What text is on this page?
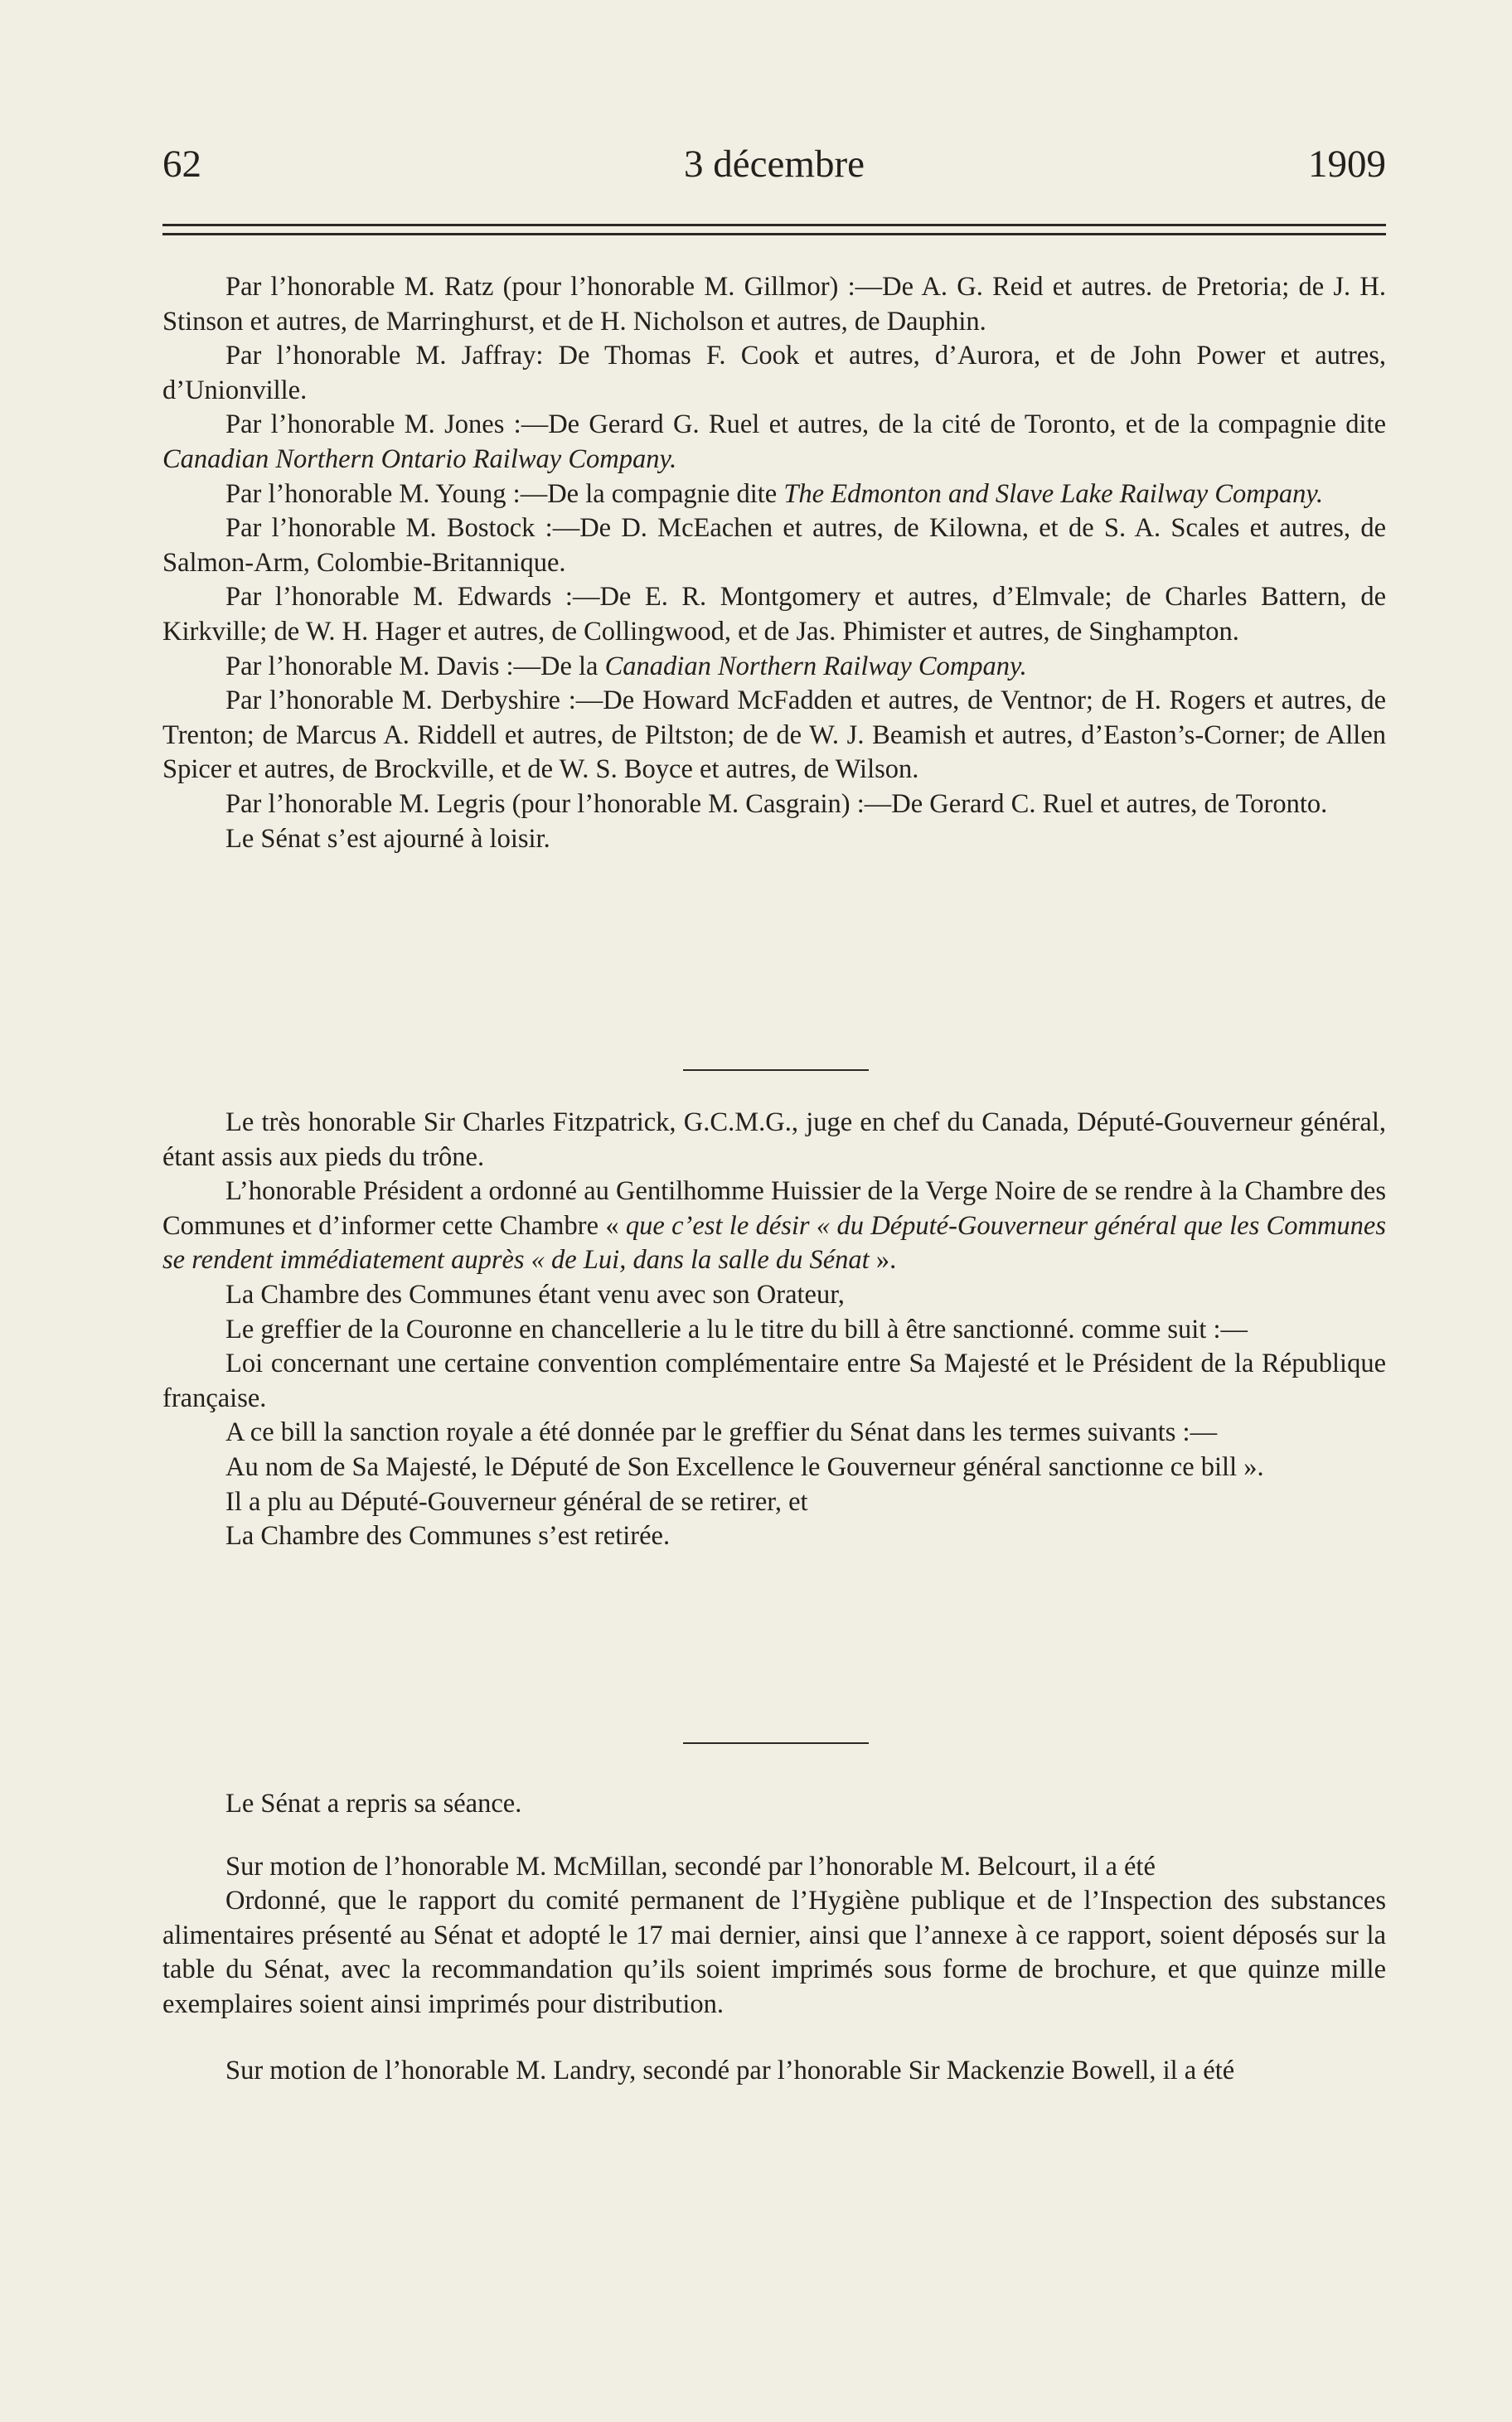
62	3 décembre	1909

Par l’honorable M. Ratz (pour l’honorable M. Gillmor) :—De A. G. Reid et autres. de Pretoria; de J. H. Stinson et autres, de Marringhurst, et de H. Nicholson et autres, de Dauphin.

Par l’honorable M. Jaffray: De Thomas F. Cook et autres, d’Aurora, et de John Power et autres, d’Unionville.

Par l’honorable M. Jones :—De Gerard G. Ruel et autres, de la cité de Toronto, et de la compagnie dite Canadian Northern Ontario Railway Company.

Par l’honorable M. Young :—De la compagnie dite The Edmonton and Slave Lake Railway Company.

Par l’honorable M. Bostock :—De D. McEachen et autres, de Kilowna, et de S. A. Scales et autres, de Salmon-Arm, Colombie-Britannique.

Par l’honorable M. Edwards :—De E. R. Montgomery et autres, d’Elmvale; de Charles Battern, de Kirkville; de W. H. Hager et autres, de Collingwood, et de Jas. Phimister et autres, de Singhampton.

Par l’honorable M. Davis :—De la Canadian Northern Railway Company.

Par l’honorable M. Derbyshire :—De Howard McFadden et autres, de Ventnor; de H. Rogers et autres, de Trenton; de Marcus A. Riddell et autres, de Piltston; de de W. J. Beamish et autres, d’Easton’s-Corner; de Allen Spicer et autres, de Brockville, et de W. S. Boyce et autres, de Wilson.

Par l’honorable M. Legris (pour l’honorable M. Casgrain) :—De Gerard C. Ruel et autres, de Toronto.

Le Sénat s’est ajourné à loisir.

Le très honorable Sir Charles Fitzpatrick, G.C.M.G., juge en chef du Canada, Député-Gouverneur général, étant assis aux pieds du trône.

L’honorable Président a ordonné au Gentilhomme Huissier de la Verge Noire de se rendre à la Chambre des Communes et d’informer cette Chambre « que c’est le désir « du Député-Gouverneur général que les Communes se rendent immédiatement auprès « de Lui, dans la salle du Sénat ».

La Chambre des Communes étant venu avec son Orateur,

Le greffier de la Couronne en chancellerie a lu le titre du bill à être sanctionné. comme suit :—

Loi concernant une certaine convention complémentaire entre Sa Majesté et le Président de la République française.

A ce bill la sanction royale a été donnée par le greffier du Sénat dans les termes suivants :—

Au nom de Sa Majesté, le Député de Son Excellence le Gouverneur général sanctionne ce bill ».

Il a plu au Député-Gouverneur général de se retirer, et

La Chambre des Communes s’est retirée.

Le Sénat a repris sa séance.

Sur motion de l’honorable M. McMillan, secondé par l’honorable M. Belcourt, il a été

Ordonné, que le rapport du comité permanent de l’Hygiène publique et de l’Inspection des substances alimentaires présenté au Sénat et adopté le 17 mai dernier, ainsi que l’annexe à ce rapport, soient déposés sur la table du Sénat, avec la recommandation qu’ils soient imprimés sous forme de brochure, et que quinze mille exemplaires soient ainsi imprimés pour distribution.

Sur motion de l’honorable M. Landry, secondé par l’honorable Sir Mackenzie Bowell, il a été
